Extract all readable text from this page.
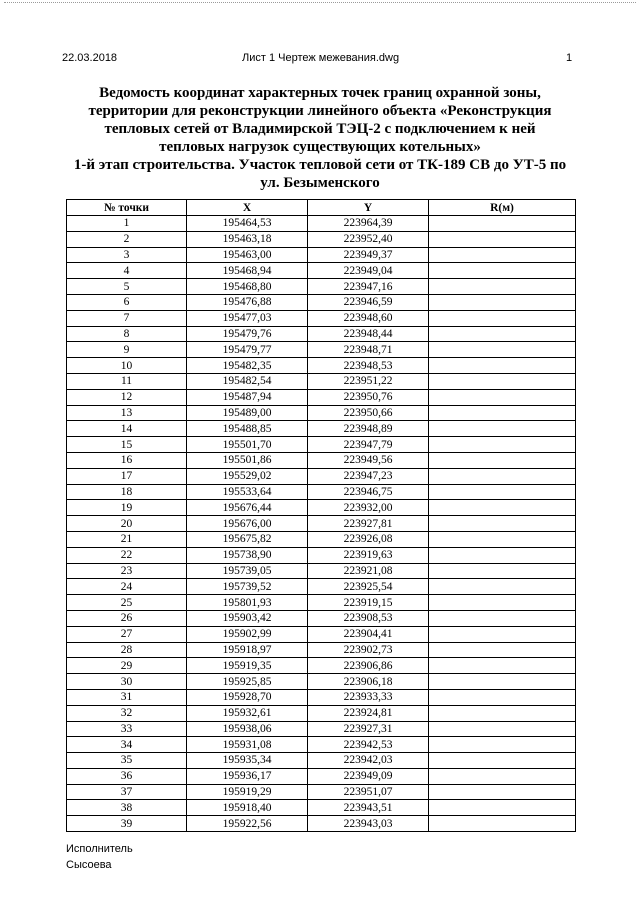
22.03.2018	Лист 1 Чертеж межевания.dwg	1
Ведомость координат характерных точек границ охранной зоны,
территории для реконструкции линейного объекта «Реконструкция
тепловых сетей от Владимирской ТЭЦ-2 с подключением к ней
тепловых нагрузок существующих котельных»
1-й этап строительства. Участок тепловой сети от ТК-189 СВ до УТ-5 по
ул. Безыменского
№ точки	X	Y	R(м)
1	195464,53	223964,39	
2	195463,18	223952,40	
3	195463,00	223949,37	
4	195468,94	223949,04	
5	195468,80	223947,16	
6	195476,88	223946,59	
7	195477,03	223948,60	
8	195479,76	223948,44	
9	195479,77	223948,71	
10	195482,35	223948,53	
11	195482,54	223951,22	
12	195487,94	223950,76	
13	195489,00	223950,66	
14	195488,85	223948,89	
15	195501,70	223947,79	
16	195501,86	223949,56	
17	195529,02	223947,23	
18	195533,64	223946,75	
19	195676,44	223932,00	
20	195676,00	223927,81	
21	195675,82	223926,08	
22	195738,90	223919,63	
23	195739,05	223921,08	
24	195739,52	223925,54	
25	195801,93	223919,15	
26	195903,42	223908,53	
27	195902,99	223904,41	
28	195918,97	223902,73	
29	195919,35	223906,86	
30	195925,85	223906,18	
31	195928,70	223933,33	
32	195932,61	223924,81	
33	195938,06	223927,31	
34	195931,08	223942,53	
35	195935,34	223942,03	
36	195936,17	223949,09	
37	195919,29	223951,07	
38	195918,40	223943,51	
39	195922,56	223943,03	
Исполнитель
Сысоева
